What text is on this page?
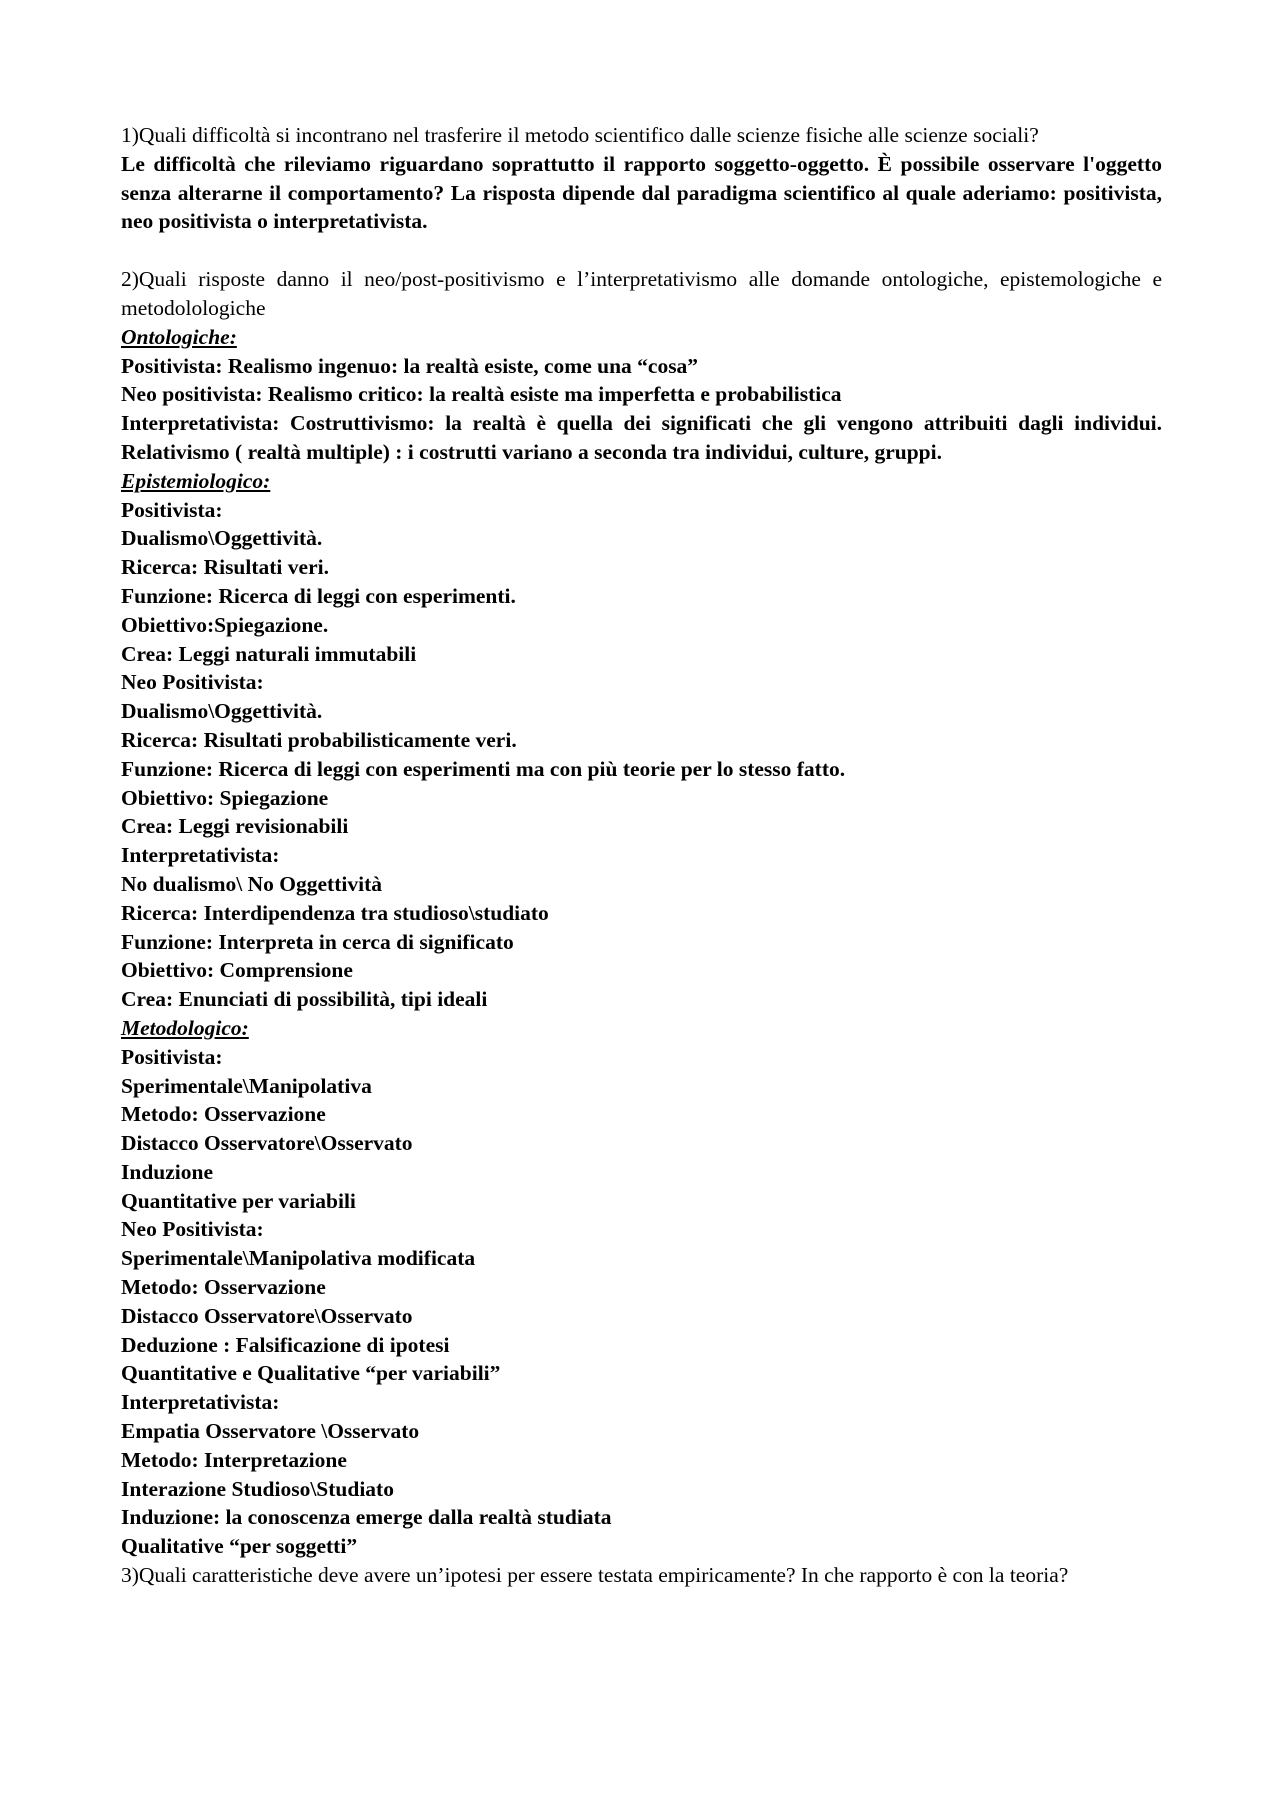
1)Quali difficoltà si incontrano nel trasferire il metodo scientifico dalle scienze fisiche alle scienze sociali?

Le difficoltà che rileviamo riguardano soprattutto il rapporto soggetto-oggetto. È possibile osservare l'oggetto senza alterarne il comportamento? La risposta dipende dal paradigma scientifico al quale aderiamo: positivista, neo positivista o interpretativista.

2)Quali risposte danno il neo/post-positivismo e l’interpretativismo alle domande ontologiche, epistemologiche e metodolologiche

Ontologiche:

Positivista: Realismo ingenuo: la realtà esiste, come una “cosa”

Neo positivista: Realismo critico: la realtà esiste ma imperfetta e probabilistica

Interpretativista: Costruttivismo: la realtà è quella dei significati che gli vengono attribuiti dagli individui. Relativismo ( realtà multiple) : i costrutti variano a seconda tra individui, culture, gruppi.

Epistemiologico:

Positivista:

Dualismo\Oggettività.

Ricerca: Risultati veri.

Funzione: Ricerca di leggi con esperimenti.

Obiettivo:Spiegazione.

Crea: Leggi naturali immutabili

Neo Positivista:

Dualismo\Oggettività.

Ricerca: Risultati probabilisticamente veri.

Funzione: Ricerca di leggi con esperimenti ma con più teorie per lo stesso fatto.

Obiettivo: Spiegazione

Crea: Leggi revisionabili

Interpretativista:

No dualismo\ No Oggettività

Ricerca: Interdipendenza tra studioso\studiato

Funzione: Interpreta in cerca di significato

Obiettivo: Comprensione

Crea: Enunciati di possibilità, tipi ideali

Metodologico:

Positivista:

Sperimentale\Manipolativa

Metodo: Osservazione

Distacco Osservatore\Osservato

Induzione

Quantitative per variabili

Neo Positivista:

Sperimentale\Manipolativa modificata

Metodo: Osservazione

Distacco Osservatore\Osservato

Deduzione : Falsificazione di ipotesi

Quantitative e Qualitative “per variabili”

Interpretativista:

Empatia Osservatore \Osservato

Metodo: Interpretazione

Interazione Studioso\Studiato

Induzione: la conoscenza emerge dalla realtà studiata

Qualitative “per soggetti”

3)Quali caratteristiche deve avere un’ipotesi per essere testata empiricamente? In che rapporto è con la teoria?
